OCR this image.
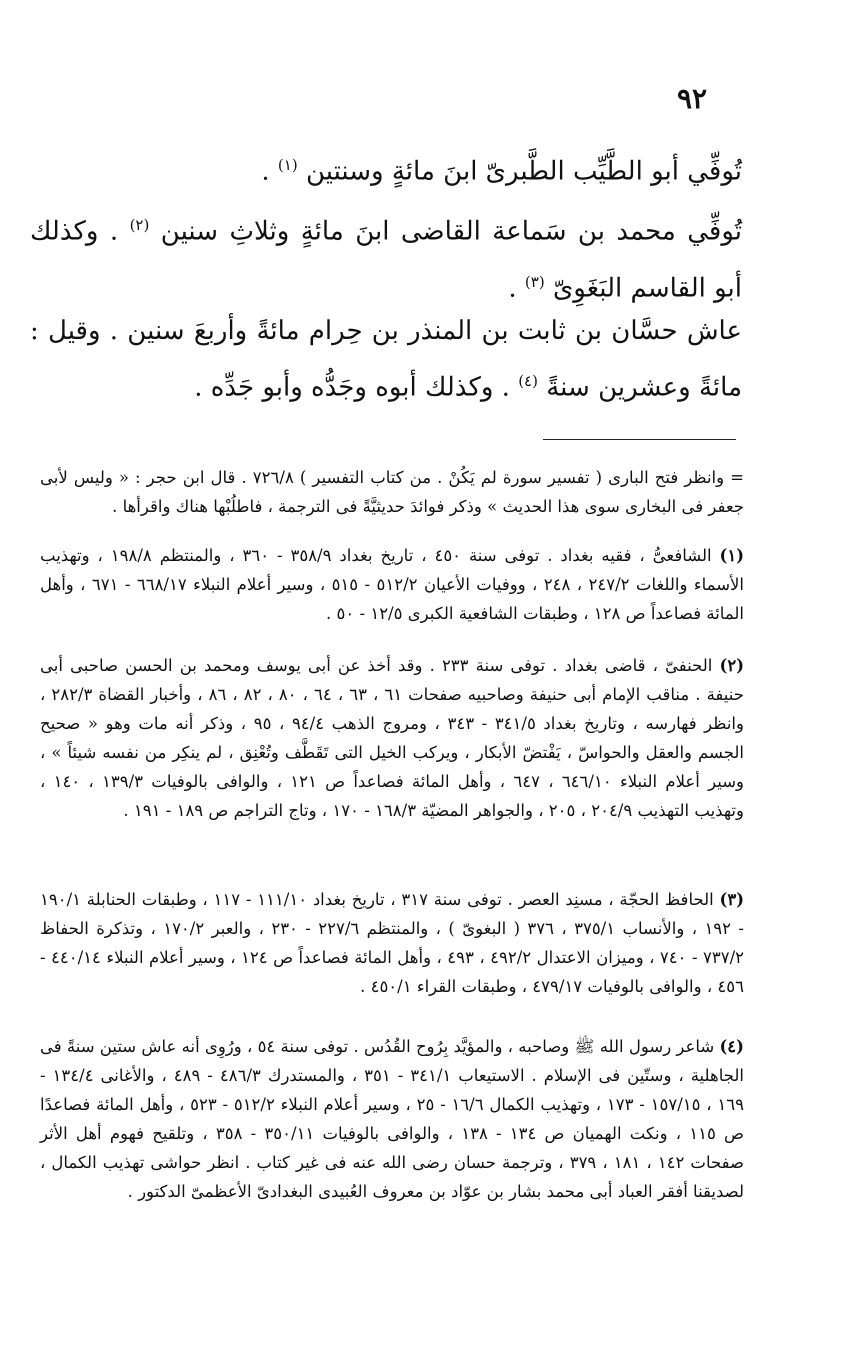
٩٢

تُوفِّي أبو الطَّيِّب الطَّبرىّ ابنَ مائةٍ وسنتين $^{(١)}$ .

تُوفِّي محمد بن سَماعة القاضى ابنَ مائةٍ وثلاثِ سنين $^{(٢)}$ . وكذلك أبو القاسم البَغَوِىّ $^{(٣)}$ .

عاش حسَّان بن ثابت بن المنذر بن حِرام مائةً وأربعَ سنين . وقيل : مائةً وعشرين سنةً $^{(٤)}$ . وكذلك أبوه وجَدُّه وأبو جَدِّه .

= وانظر فتح البارى ( تفسير سورة لم يَكُنْ . من كتاب التفسير ) ٧٢٦/٨ . قال ابن حجر : « وليس لأبى جعفر فى البخارى سوى هذا الحديث » وذكر فوائدَ حديثيَّةً فى الترجمة ، فاطلُبْها هناك واقرأها .

(١) الشافعىُّ ، فقيه بغداد . توفى سنة ٤٥٠ ، تاريخ بغداد ٣٥٨/٩ - ٣٦٠ ، والمنتظم ١٩٨/٨ ، وتهذيب الأسماء واللغات ٢٤٧/٢ ، ٢٤٨ ، ووفيات الأعيان ٥١٢/٢ - ٥١٥ ، وسير أعلام النبلاء ٦٦٨/١٧ - ٦٧١ ، وأهل المائة فصاعداً ص ١٢٨ ، وطبقات الشافعية الكبرى ١٢/٥ - ٥٠ .

(٢) الحنفىّ ، قاضى بغداد . توفى سنة ٢٣٣ . وقد أخذ عن أبى يوسف ومحمد بن الحسن صاحبى أبى حنيفة . مناقب الإمام أبى حنيفة وصاحبيه صفحات ٦١ ، ٦٣ ، ٦٤ ، ٨٠ ، ٨٢ ، ٨٦ ، وأخبار القضاة ٢٨٢/٣ ، وانظر فهارسه ، وتاريخ بغداد ٣٤١/٥ - ٣٤٣ ، ومروج الذهب ٩٤/٤ ، ٩٥ ، وذكر أنه مات وهو « صحيح الجسم والعقل والحواسّ ، يَفْتضّ الأبكار ، ويركب الخيل التى تَقَطَّف وتُعْنِق ، لم ينكِر من نفسه شيئاً » ، وسير أعلام النبلاء ٦٤٦/١٠ ، ٦٤٧ ، وأهل المائة فصاعداً ص ١٢١ ، والوافى بالوفيات ١٣٩/٣ ، ١٤٠ ، وتهذيب التهذيب ٢٠٤/٩ ، ٢٠٥ ، والجواهر المضيّة ١٦٨/٣ - ١٧٠ ، وتاج التراجم ص ١٨٩ - ١٩١ .

(٣) الحافظ الحجّة ، مسنِد العصر . توفى سنة ٣١٧ ، تاريخ بغداد ١١١/١٠ - ١١٧ ، وطبقات الحنابلة ١٩٠/١ - ١٩٢ ، والأنساب ٣٧٥/١ ، ٣٧٦ ( البغوىّ ) ، والمنتظم ٢٢٧/٦ - ٢٣٠ ، والعبر ١٧٠/٢ ، وتذكرة الحفاظ ٧٣٧/٢ - ٧٤٠ ، وميزان الاعتدال ٤٩٢/٢ ، ٤٩٣ ، وأهل المائة فصاعداً ص ١٢٤ ، وسير أعلام النبلاء ٤٤٠/١٤ - ٤٥٦ ، والوافى بالوفيات ٤٧٩/١٧ ، وطبقات القراء ٤٥٠/١ .

(٤) شاعر رسول الله ﷺ وصاحبه ، والمؤيَّد بِرُوح القُدُس . توفى سنة ٥٤ ، ورُوِى أنه عاش ستين سنةً فى الجاهلية ، وستّين فى الإسلام . الاستيعاب ٣٤١/١ - ٣٥١ ، والمستدرك ٤٨٦/٣ - ٤٨٩ ، والأغانى ١٣٤/٤ - ١٦٩ ، ١٥٧/١٥ - ١٧٣ ، وتهذيب الكمال ١٦/٦ - ٢٥ ، وسير أعلام النبلاء ٥١٢/٢ - ٥٢٣ ، وأهل المائة فصاعدًا ص ١١٥ ، ونكت الهميان ص ١٣٤ - ١٣٨ ، والوافى بالوفيات ٣٥٠/١١ - ٣٥٨ ، وتلقيح فهوم أهل الأثر صفحات ١٤٢ ، ١٨١ ، ٣٧٩ ، وترجمة حسان رضى الله عنه فى غير كتاب . انظر حواشى تهذيب الكمال ، لصديقنا أفقر العباد أبى محمد بشار بن عوّاد بن معروف العُبيدى البغدادىّ الأعظمىّ الدكتور .
